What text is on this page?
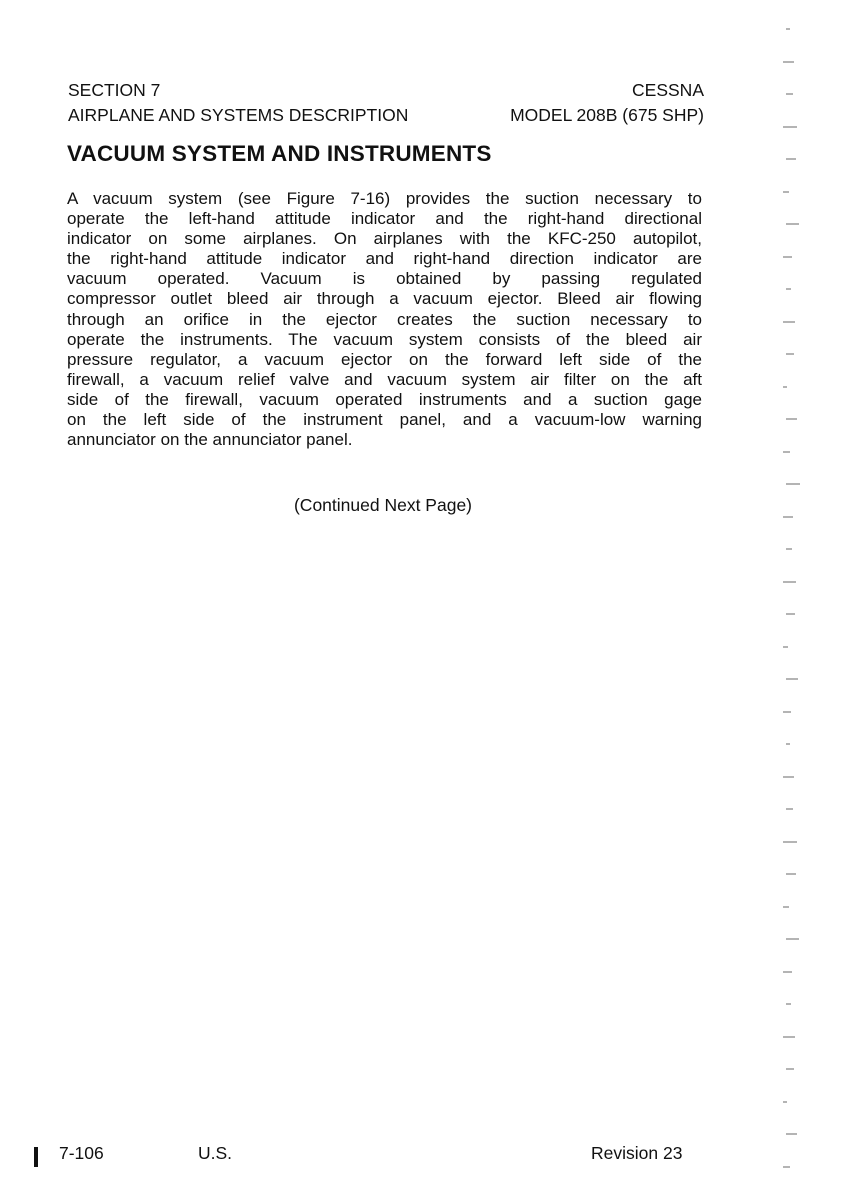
SECTION 7	CESSNA
AIRPLANE AND SYSTEMS DESCRIPTION	MODEL 208B (675 SHP)
VACUUM SYSTEM AND INSTRUMENTS
A vacuum system (see Figure 7-16) provides the suction necessary to
operate the left-hand attitude indicator and the right-hand directional
indicator on some airplanes. On airplanes with the KFC-250 autopilot,
the right-hand attitude indicator and right-hand direction indicator are
vacuum operated. Vacuum is obtained by passing regulated
compressor outlet bleed air through a vacuum ejector. Bleed air flowing
through an orifice in the ejector creates the suction necessary to
operate the instruments. The vacuum system consists of the bleed air
pressure regulator, a vacuum ejector on the forward left side of the
firewall, a vacuum relief valve and vacuum system air filter on the aft
side of the firewall, vacuum operated instruments and a suction gage
on the left side of the instrument panel, and a vacuum-low warning
annunciator on the annunciator panel.
(Continued Next Page)
7-106	U.S.	Revision 23
